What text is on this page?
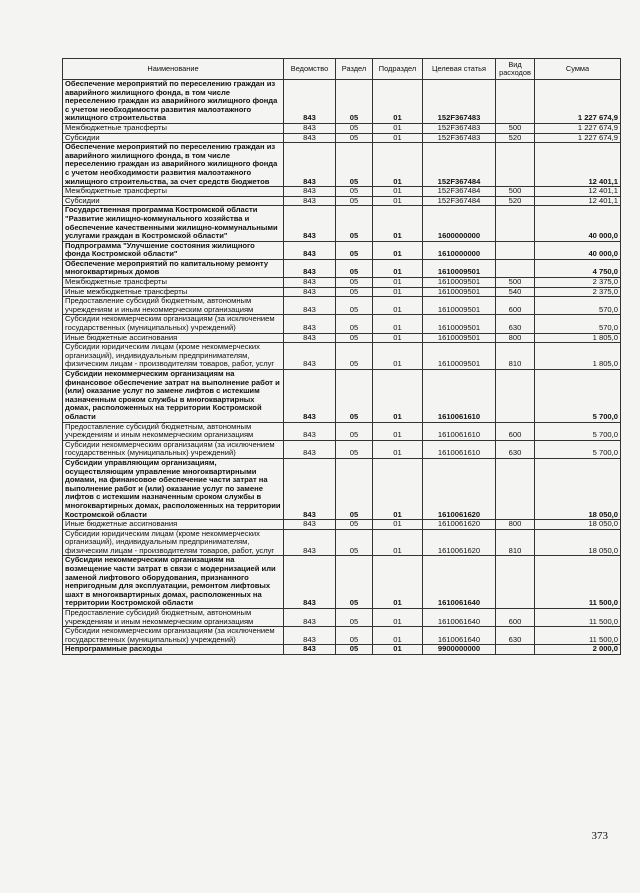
Наименование	Ведомство	Раздел	Подраздел	Целевая статья	Вид расходов	Сумма
Обеспечение мероприятий по переселению граждан из аварийного жилищного фонда, в том числе переселению граждан из аварийного жилищного фонда с учетом необходимости развития малоэтажного жилищного строительства	843	05	01	152F367483		1 227 674,9
Межбюджетные трансферты	843	05	01	152F367483	500	1 227 674,9
Субсидии	843	05	01	152F367483	520	1 227 674,9
Обеспечение мероприятий по переселению граждан из аварийного жилищного фонда, в том числе переселению граждан из аварийного жилищного фонда с учетом необходимости развития малоэтажного жилищного строительства, за счет средств бюджетов	843	05	01	152F367484		12 401,1
Межбюджетные трансферты	843	05	01	152F367484	500	12 401,1
Субсидии	843	05	01	152F367484	520	12 401,1
Государственная программа Костромской области "Развитие жилищно-коммунального хозяйства и обеспечение качественными жилищно-коммунальными услугами граждан в Костромской области"	843	05	01	1600000000		40 000,0
Подпрограмма "Улучшение состояния жилищного фонда Костромской области"	843	05	01	1610000000		40 000,0
Обеспечение мероприятий по капитальному ремонту многоквартирных домов	843	05	01	1610009501		4 750,0
Межбюджетные трансферты	843	05	01	1610009501	500	2 375,0
Иные межбюджетные трансферты	843	05	01	1610009501	540	2 375,0
Предоставление субсидий бюджетным, автономным учреждениям и иным некоммерческим организациям	843	05	01	1610009501	600	570,0
Субсидии некоммерческим организациям (за исключением государственных (муниципальных) учреждений)	843	05	01	1610009501	630	570,0
Иные бюджетные ассигнования	843	05	01	1610009501	800	1 805,0
Субсидии юридическим лицам (кроме некоммерческих организаций), индивидуальным предпринимателям, физическим лицам - производителям товаров, работ, услуг	843	05	01	1610009501	810	1 805,0
Субсидии некоммерческим организациям на финансовое обеспечение затрат на выполнение работ и (или) оказание услуг по замене лифтов с истекшим назначенным сроком службы в многоквартирных домах, расположенных на территории Костромской области	843	05	01	1610061610		5 700,0
Предоставление субсидий бюджетным, автономным учреждениям и иным некоммерческим организациям	843	05	01	1610061610	600	5 700,0
Субсидии некоммерческим организациям (за исключением государственных (муниципальных) учреждений)	843	05	01	1610061610	630	5 700,0
Субсидии управляющим организациям, осуществляющим управление многоквартирными домами, на финансовое обеспечение части затрат на выполнение работ и (или) оказание услуг по замене лифтов с истекшим назначенным сроком службы в многоквартирных домах, расположенных на территории Костромской области	843	05	01	1610061620		18 050,0
Иные бюджетные ассигнования	843	05	01	1610061620	800	18 050,0
Субсидии юридическим лицам (кроме некоммерческих организаций), индивидуальным предпринимателям, физическим лицам - производителям товаров, работ, услуг	843	05	01	1610061620	810	18 050,0
Субсидии некоммерческим организациям на возмещение части затрат в связи с модернизацией или заменой лифтового оборудования, признанного непригодным для эксплуатации, ремонтом лифтовых шахт в многоквартирных домах, расположенных на территории Костромской области	843	05	01	1610061640		11 500,0
Предоставление субсидий бюджетным, автономным учреждениям и иным некоммерческим организациям	843	05	01	1610061640	600	11 500,0
Субсидии некоммерческим организациям (за исключением государственных (муниципальных) учреждений)	843	05	01	1610061640	630	11 500,0
Непрограммные расходы	843	05	01	9900000000		2 000,0
373
